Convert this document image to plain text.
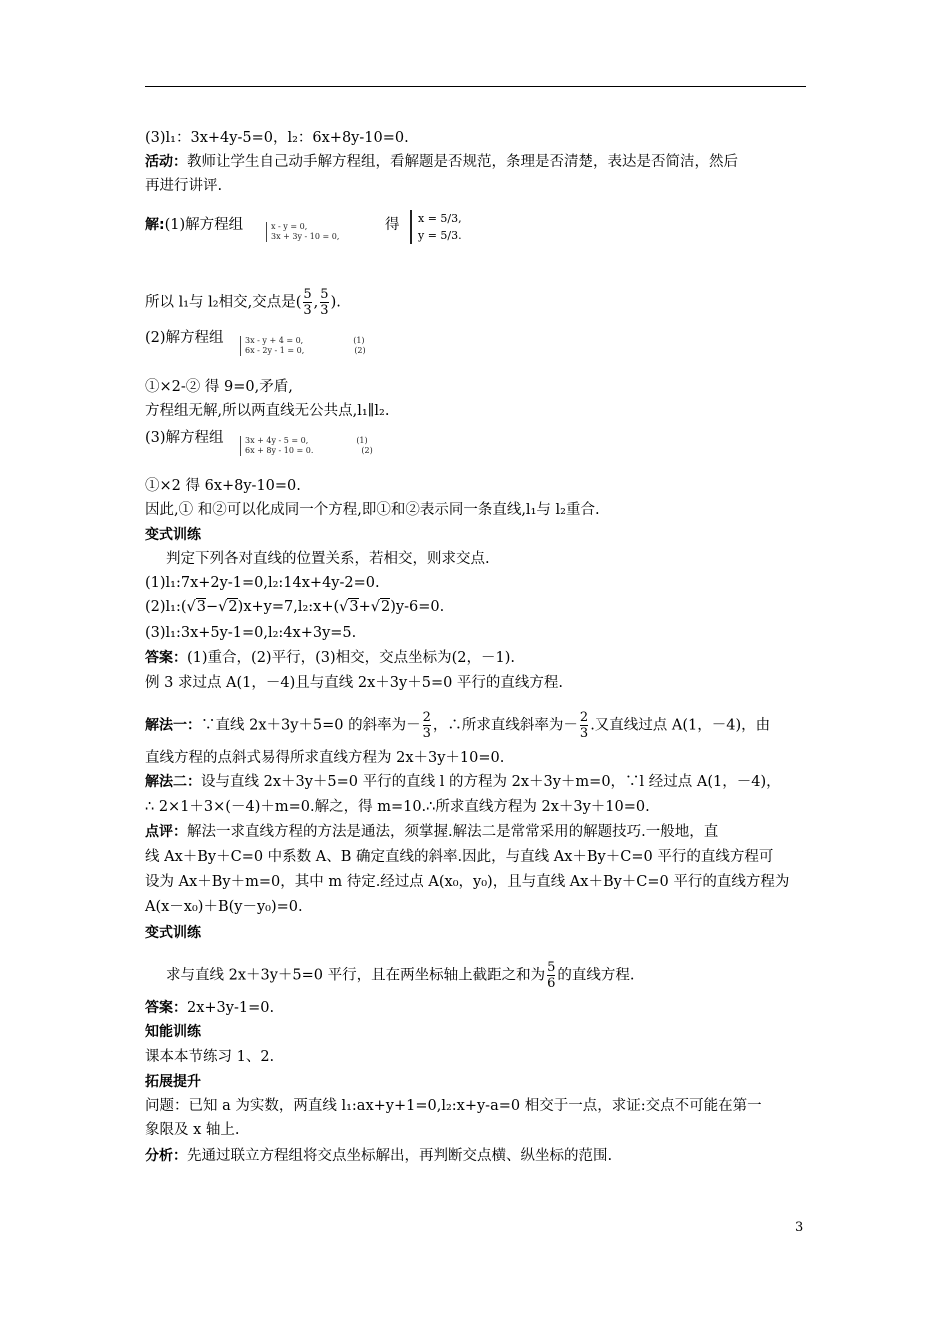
(3)l₁：3x+4y-5=0，l₂：6x+8y-10=0.
活动：教师让学生自己动手解方程组，看解题是否规范，条理是否清楚，表达是否简洁，然后
再进行讲评.
解:(1)解方程组	x - y = 0,
3x + 3y - 10 = 0,
得 x = 5/3,
y = 5/3.
所以 l₁与 l₂相交,交点是( $\frac{5}{3}$ , $\frac{5}{3}$ ).
(2)解方程组	3x - y + 4 = 0,	(1)
6x - 2y - 1 = 0,	(2)
①×2-② 得 9=0,矛盾,
方程组无解,所以两直线无公共点,l₁∥l₂.
(3)解方程组	3x + 4y - 5 = 0,	(1)
6x + 8y - 10 = 0.	(2)
①×2 得 6x+8y-10=0.
因此,① 和②可以化成同一个方程,即①和②表示同一条直线,l₁与 l₂重合.
变式训练
判定下列各对直线的位置关系，若相交，则求交点.
(1)l₁:7x+2y-1=0,l₂:14x+4y-2=0.
(2)l₁:(√3−√2)x+y=7,l₂:x+(√3+√2)y-6=0.
(3)l₁:3x+5y-1=0,l₂:4x+3y=5.
答案：(1)重合，(2)平行，(3)相交，交点坐标为(2，－1).
例 3 求过点 A(1，－4)且与直线 2x＋3y＋5=0 平行的直线方程.
解法一：∵直线 2x＋3y＋5=0 的斜率为－ $\frac{2}{3}$ ，∴所求直线斜率为－ $\frac{2}{3}$ .又直线过点 A(1，－4)，由
直线方程的点斜式易得所求直线方程为 2x＋3y＋10=0.
解法二：设与直线 2x＋3y＋5=0 平行的直线 l 的方程为 2x＋3y＋m=0，∵l 经过点 A(1，－4)，
∴ 2×1＋3×(－4)＋m=0.解之，得 m=10.∴所求直线方程为 2x＋3y＋10=0.
点评：解法一求直线方程的方法是通法，须掌握.解法二是常常采用的解题技巧.一般地，直
线 Ax＋By＋C=0 中系数 A、B 确定直线的斜率.因此，与直线 Ax＋By＋C=0 平行的直线方程可
设为 Ax＋By＋m=0，其中 m 待定.经过点 A(x₀，y₀)，且与直线 Ax＋By＋C=0 平行的直线方程为
A(x－x₀)＋B(y－y₀)=0.
变式训练
求与直线 2x＋3y＋5=0 平行，且在两坐标轴上截距之和为 $\frac{5}{6}$ 的直线方程.
答案：2x+3y-1=0.
知能训练
课本本节练习 1、2.
拓展提升
问题：已知 a 为实数，两直线 l₁:ax+y+1=0,l₂:x+y-a=0 相交于一点，求证:交点不可能在第一
象限及 x 轴上.
分析：先通过联立方程组将交点坐标解出，再判断交点横、纵坐标的范围.
3
